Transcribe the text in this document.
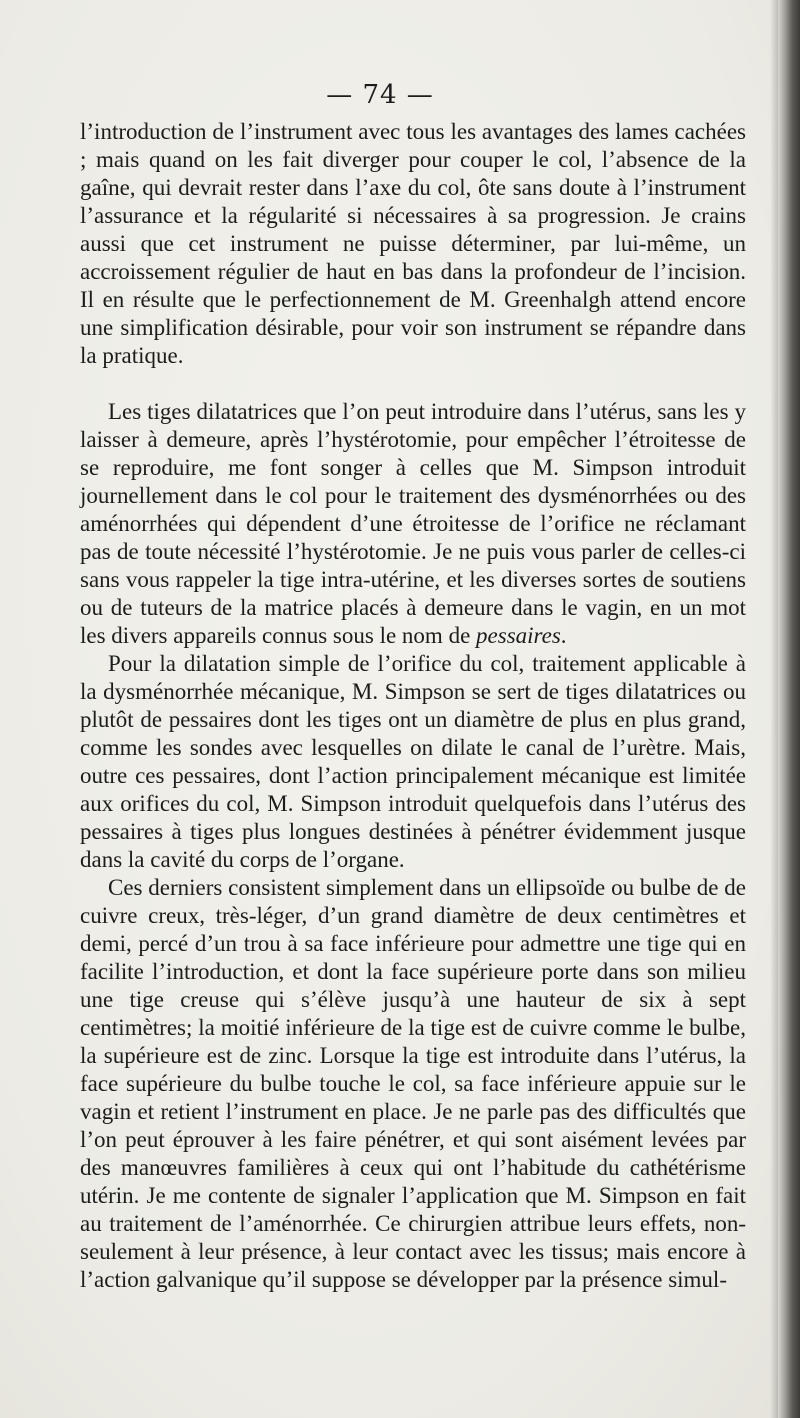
— 74 —

l’introduction de l’instrument avec tous les avantages des lames cachées ; mais quand on les fait diverger pour couper le col, l’absence de la gaîne, qui devrait rester dans l’axe du col, ôte sans doute à l’instrument l’assurance et la régularité si nécessaires à sa progression. Je crains aussi que cet instrument ne puisse déterminer, par lui-même, un accroissement régulier de haut en bas dans la profondeur de l’incision. Il en résulte que le perfectionnement de M. Greenhalgh attend encore une simplification désirable, pour voir son instrument se répandre dans la pratique.

Les tiges dilatatrices que l’on peut introduire dans l’utérus, sans les y laisser à demeure, après l’hystérotomie, pour empêcher l’étroitesse de se reproduire, me font songer à celles que M. Simpson introduit journellement dans le col pour le traitement des dysménorrhées ou des aménorrhées qui dépendent d’une étroitesse de l’orifice ne réclamant pas de toute nécessité l’hystérotomie. Je ne puis vous parler de celles-ci sans vous rappeler la tige intra-utérine, et les diverses sortes de soutiens ou de tuteurs de la matrice placés à demeure dans le vagin, en un mot les divers appareils connus sous le nom de pessaires.

Pour la dilatation simple de l’orifice du col, traitement applicable à la dysménorrhée mécanique, M. Simpson se sert de tiges dilatatrices ou plutôt de pessaires dont les tiges ont un diamètre de plus en plus grand, comme les sondes avec lesquelles on dilate le canal de l’urètre. Mais, outre ces pessaires, dont l’action principalement mécanique est limitée aux orifices du col, M. Simpson introduit quelquefois dans l’utérus des pessaires à tiges plus longues destinées à pénétrer évidemment jusque dans la cavité du corps de l’organe.

Ces derniers consistent simplement dans un ellipsoïde ou bulbe de de cuivre creux, très-léger, d’un grand diamètre de deux centimètres et demi, percé d’un trou à sa face inférieure pour admettre une tige qui en facilite l’introduction, et dont la face supérieure porte dans son milieu une tige creuse qui s’élève jusqu’à une hauteur de six à sept centimètres; la moitié inférieure de la tige est de cuivre comme le bulbe, la supérieure est de zinc. Lorsque la tige est introduite dans l’utérus, la face supérieure du bulbe touche le col, sa face inférieure appuie sur le vagin et retient l’instrument en place. Je ne parle pas des difficultés que l’on peut éprouver à les faire pénétrer, et qui sont aisément levées par des manœuvres familières à ceux qui ont l’habitude du cathétérisme utérin. Je me contente de signaler l’application que M. Simpson en fait au traitement de l’aménorrhée. Ce chirurgien attribue leurs effets, non-seulement à leur présence, à leur contact avec les tissus; mais encore à l’action galvanique qu’il suppose se développer par la présence simul-
